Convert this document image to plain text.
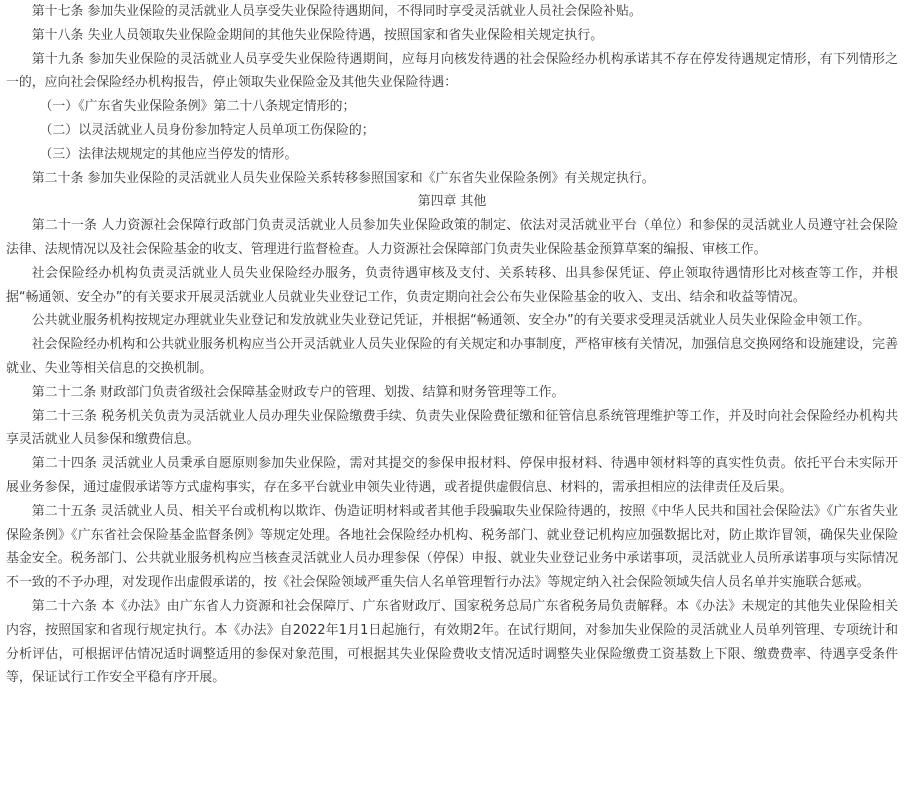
第十七条 参加失业保险的灵活就业人员享受失业保险待遇期间，不得同时享受灵活就业人员社会保险补贴。

第十八条 失业人员领取失业保险金期间的其他失业保险待遇，按照国家和省失业保险相关规定执行。

第十九条 参加失业保险的灵活就业人员享受失业保险待遇期间，应每月向核发待遇的社会保险经办机构承诺其不存在停发待遇规定情形，有下列情形之一的，应向社会保险经办机构报告，停止领取失业保险金及其他失业保险待遇：

（一）《广东省失业保险条例》第二十八条规定情形的；

（二）以灵活就业人员身份参加特定人员单项工伤保险的；

（三）法律法规规定的其他应当停发的情形。

第二十条 参加失业保险的灵活就业人员失业保险关系转移参照国家和《广东省失业保险条例》有关规定执行。

第四章 其他

第二十一条 人力资源社会保障行政部门负责灵活就业人员参加失业保险政策的制定、依法对灵活就业平台（单位）和参保的灵活就业人员遵守社会保险法律、法规情况以及社会保险基金的收支、管理进行监督检查。人力资源社会保障部门负责失业保险基金预算草案的编报、审核工作。

社会保险经办机构负责灵活就业人员失业保险经办服务，负责待遇审核及支付、关系转移、出具参保凭证、停止领取待遇情形比对核查等工作，并根据“畅通领、安全办”的有关要求开展灵活就业人员就业失业登记工作，负责定期向社会公布失业保险基金的收入、支出、结余和收益等情况。

公共就业服务机构按规定办理就业失业登记和发放就业失业登记凭证，并根据“畅通领、安全办”的有关要求受理灵活就业人员失业保险金申领工作。

社会保险经办机构和公共就业服务机构应当公开灵活就业人员失业保险的有关规定和办事制度，严格审核有关情况，加强信息交换网络和设施建设，完善就业、失业等相关信息的交换机制。

第二十二条 财政部门负责省级社会保障基金财政专户的管理、划拨、结算和财务管理等工作。

第二十三条 税务机关负责为灵活就业人员办理失业保险缴费手续、负责失业保险费征缴和征管信息系统管理维护等工作，并及时向社会保险经办机构共享灵活就业人员参保和缴费信息。

第二十四条 灵活就业人员秉承自愿原则参加失业保险，需对其提交的参保申报材料、停保申报材料、待遇申领材料等的真实性负责。依托平台未实际开展业务参保，通过虚假承诺等方式虚构事实，存在多平台就业申领失业待遇，或者提供虚假信息、材料的，需承担相应的法律责任及后果。

第二十五条 灵活就业人员、相关平台或机构以欺诈、伪造证明材料或者其他手段骗取失业保险待遇的，按照《中华人民共和国社会保险法》《广东省失业保险条例》《广东省社会保险基金监督条例》等规定处理。各地社会保险经办机构、税务部门、就业登记机构应加强数据比对，防止欺诈冒领，确保失业保险基金安全。税务部门、公共就业服务机构应当核查灵活就业人员办理参保（停保）申报、就业失业登记业务中承诺事项，灵活就业人员所承诺事项与实际情况不一致的不予办理，对发现作出虚假承诺的，按《社会保险领域严重失信人名单管理暂行办法》等规定纳入社会保险领域失信人员名单并实施联合惩戒。

第二十六条 本《办法》由广东省人力资源和社会保障厅、广东省财政厅、国家税务总局广东省税务局负责解释。本《办法》未规定的其他失业保险相关内容，按照国家和省现行规定执行。本《办法》自2022年1月1日起施行，有效期2年。在试行期间，对参加失业保险的灵活就业人员单列管理、专项统计和分析评估，可根据评估情况适时调整适用的参保对象范围，可根据其失业保险费收支情况适时调整失业保险缴费工资基数上下限、缴费费率、待遇享受条件等，保证试行工作安全平稳有序开展。
